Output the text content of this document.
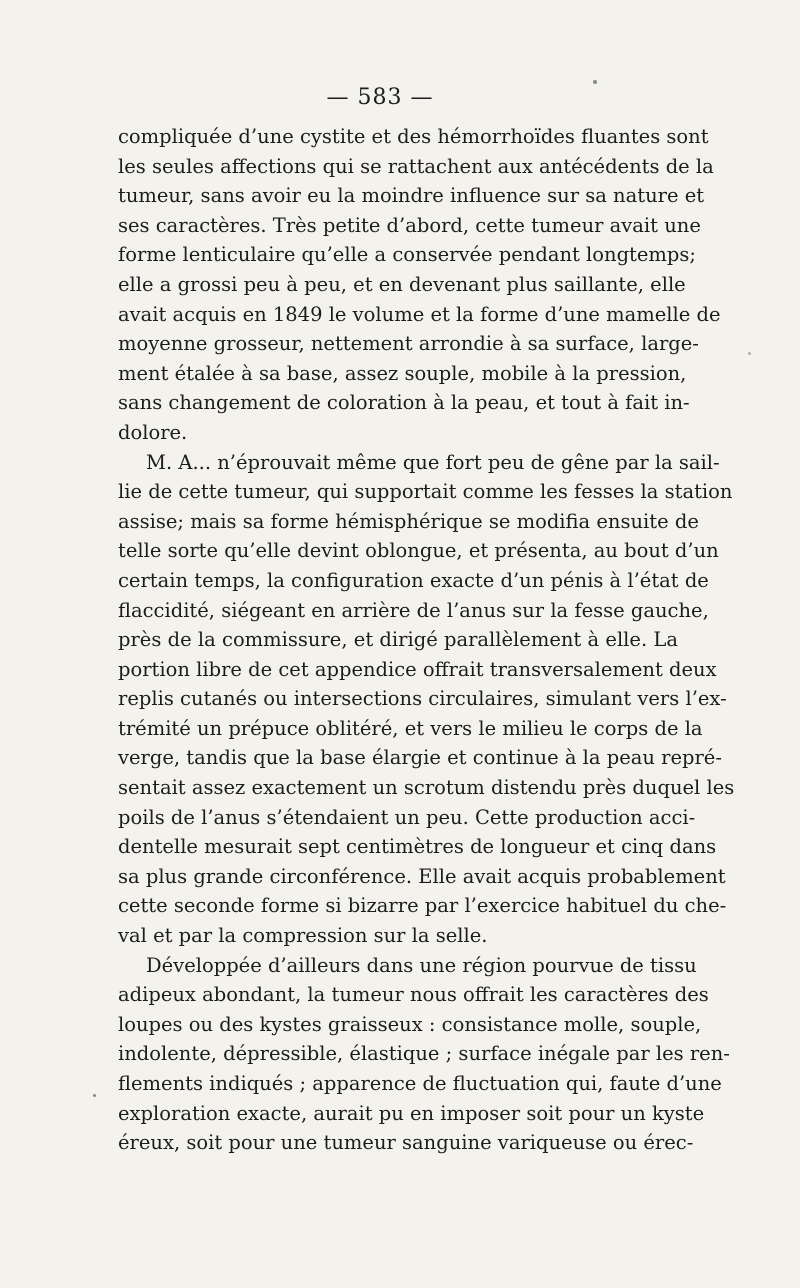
— 583 —
compliquée d’une cystite et des hémorrhoïdes fluantes sont
les seules affections qui se rattachent aux antécédents de la
tumeur, sans avoir eu la moindre influence sur sa nature et
ses caractères. Très petite d’abord, cette tumeur avait une
forme lenticulaire qu’elle a conservée pendant longtemps;
elle a grossi peu à peu, et en devenant plus saillante, elle
avait acquis en 1849 le volume et la forme d’une mamelle de
moyenne grosseur, nettement arrondie à sa surface, large-
ment étalée à sa base, assez souple, mobile à la pression,
sans changement de coloration à la peau, et tout à fait in-
dolore.
M. A... n’éprouvait même que fort peu de gêne par la sail-
lie de cette tumeur, qui supportait comme les fesses la station
assise; mais sa forme hémisphérique se modifia ensuite de
telle sorte qu’elle devint oblongue, et présenta, au bout d’un
certain temps, la configuration exacte d’un pénis à l’état de
flaccidité, siégeant en arrière de l’anus sur la fesse gauche,
près de la commissure, et dirigé parallèlement à elle. La
portion libre de cet appendice offrait transversalement deux
replis cutanés ou intersections circulaires, simulant vers l’ex-
trémité un prépuce oblitéré, et vers le milieu le corps de la
verge, tandis que la base élargie et continue à la peau repré-
sentait assez exactement un scrotum distendu près duquel les
poils de l’anus s’étendaient un peu. Cette production acci-
dentelle mesurait sept centimètres de longueur et cinq dans
sa plus grande circonférence. Elle avait acquis probablement
cette seconde forme si bizarre par l’exercice habituel du che-
val et par la compression sur la selle.
Développée d’ailleurs dans une région pourvue de tissu
adipeux abondant, la tumeur nous offrait les caractères des
loupes ou des kystes graisseux : consistance molle, souple,
indolente, dépressible, élastique ; surface inégale par les ren-
flements indiqués ; apparence de fluctuation qui, faute d’une
exploration exacte, aurait pu en imposer soit pour un kyste
éreux, soit pour une tumeur sanguine variqueuse ou érec-
